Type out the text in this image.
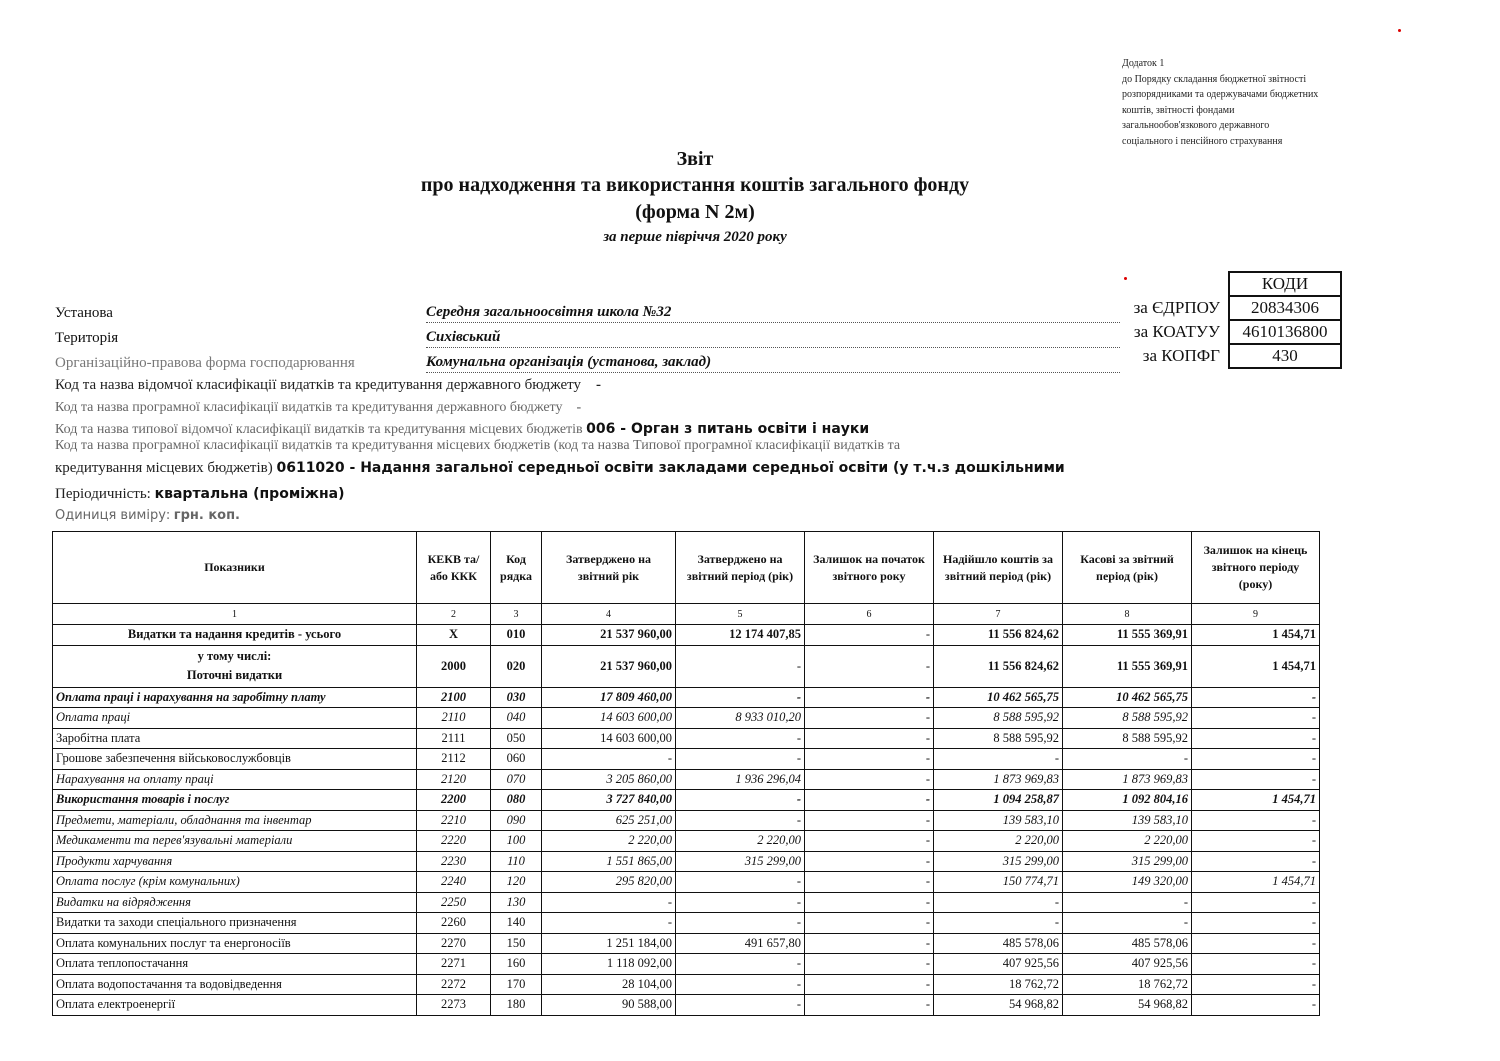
Додаток 1
до Порядку складання бюджетної звітності
розпорядниками та одержувачами бюджетних
коштів, звітності фондами
загальнообов'язкового державного
соціального і пенсійного страхування
Звіт
про надходження та використання коштів загального фонду
(форма N 2м)
за перше півріччя 2020 року
Установа	Середня загальноосвітня школа №32
Територія	Сихівський
Організаційно-правова форма господарювання	Комунальна організація (установа, заклад)
	КОДИ
за ЄДРПОУ	20834306
за КОАТУУ	4610136800
за КОПФГ	430
Код та назва відомчої класифікації видатків та кредитування державного бюджету -
Код та назва програмної класифікації видатків та кредитування державного бюджету -
Код та назва типової відомчої класифікації видатків та кредитування місцевих бюджетів 006 - Орган з питань освіти і науки
Код та назва програмної класифікації видатків та кредитування місцевих бюджетів (код та назва Типової програмної класифікації видатків та
кредитування місцевих бюджетів) 0611020 - Надання загальної середньої освіти закладами середньої освіти (у т.ч.з дошкільними
Періодичність: квартальна (проміжна)
Одиниця виміру: грн. коп.
Показники	КЕКВ та/або ККК	Код рядка	Затверджено на звітний рік	Затверджено на звітний період (рік)	Залишок на початок звітного року	Надійшло коштів за звітний період (рік)	Касові за звітний період (рік)	Залишок на кінець звітного періоду (року)
1	2	3	4	5	6	7	8	9
Видатки та надання кредитів - усього	X	010	21 537 960,00	12 174 407,85	-	11 556 824,62	11 555 369,91	1 454,71

у тому числі:
Поточні видатки	2000	020	21 537 960,00	-	-	11 556 824,62	11 555 369,91	1 454,71
Оплата праці і нарахування на заробітну плату	2100	030	17 809 460,00	-	-	10 462 565,75	10 462 565,75	-
Оплата праці	2110	040	14 603 600,00	8 933 010,20	-	8 588 595,92	8 588 595,92	-
Заробітна плата	2111	050	14 603 600,00	-	-	8 588 595,92	8 588 595,92	-
Грошове забезпечення військовослужбовців	2112	060	-	-	-	-	-	-
Нарахування на оплату праці	2120	070	3 205 860,00	1 936 296,04	-	1 873 969,83	1 873 969,83	-
Використання товарів і послуг	2200	080	3 727 840,00	-	-	1 094 258,87	1 092 804,16	1 454,71
Предмети, матеріали, обладнання та інвентар	2210	090	625 251,00	-	-	139 583,10	139 583,10	-
Медикаменти та перев'язувальні матеріали	2220	100	2 220,00	2 220,00	-	2 220,00	2 220,00	-
Продукти харчування	2230	110	1 551 865,00	315 299,00	-	315 299,00	315 299,00	-
Оплата послуг (крім комунальних)	2240	120	295 820,00	-	-	150 774,71	149 320,00	1 454,71
Видатки на відрядження	2250	130	-	-	-	-	-	-
Видатки та заходи спеціального призначення	2260	140	-	-	-	-	-	-
Оплата комунальних послуг та енергоносіїв	2270	150	1 251 184,00	491 657,80	-	485 578,06	485 578,06	-
Оплата теплопостачання	2271	160	1 118 092,00	-	-	407 925,56	407 925,56	-
Оплата водопостачання та водовідведення	2272	170	28 104,00	-	-	18 762,72	18 762,72	-
Оплата електроенергії	2273	180	90 588,00	-	-	54 968,82	54 968,82	-
